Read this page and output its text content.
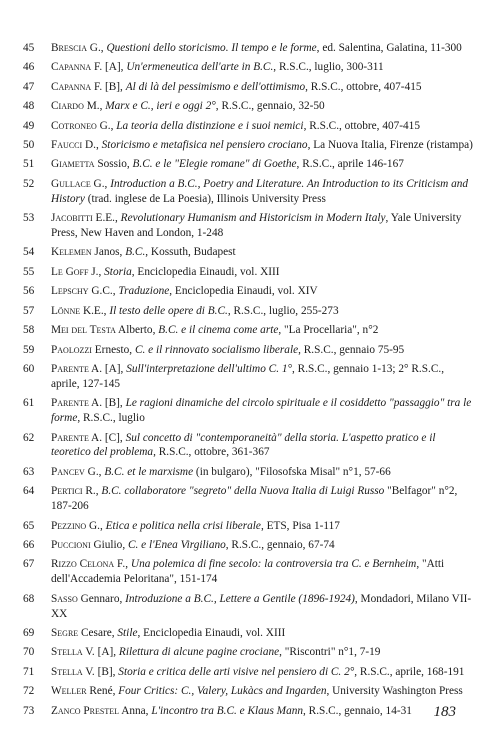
45	Brescia G., Questioni dello storicismo. Il tempo e le forme, ed. Salentina, Galatina, 11-300
46	Capanna F. [A], Un'ermeneutica dell'arte in B.C., R.S.C., luglio, 300-311
47	Capanna F. [B], Al di là del pessimismo e dell'ottimismo, R.S.C., ottobre, 407-415
48	Ciardo M., Marx e C., ieri e oggi 2°, R.S.C., gennaio, 32-50
49	Cotroneo G., La teoria della distinzione e i suoi nemici, R.S.C., ottobre, 407-415
50	Faucci D., Storicismo e metafisica nel pensiero crociano, La Nuova Italia, Firenze (ristampa)
51	Giametta Sossio, B.C. e le "Elegie romane" di Goethe, R.S.C., aprile 146-167
52	Gullace G., Introduction a B.C., Poetry and Literature. An Introduction to its Criticism and History (trad. inglese de La Poesia), Illinois University Press
53	Jacobitti E.E., Revolutionary Humanism and Historicism in Modern Italy, Yale University Press, New Haven and London, 1-248
54	Kelemen Janos, B.C., Kossuth, Budapest
55	Le Goff J., Storia, Enciclopedia Einaudi, vol. XIII
56	Lepschy G.C., Traduzione, Enciclopedia Einaudi, vol. XIV
57	Lönne K.E., Il testo delle opere di B.C., R.S.C., luglio, 255-273
58	Mei del Testa Alberto, B.C. e il cinema come arte, "La Procellaria", n°2
59	Paolozzi Ernesto, C. e il rinnovato socialismo liberale, R.S.C., gennaio 75-95
60	Parente A. [A], Sull'interpretazione dell'ultimo C. 1°, R.S.C., gennaio 1-13; 2° R.S.C., aprile, 127-145
61	Parente A. [B], Le ragioni dinamiche del circolo spirituale e il cosiddetto "passaggio" tra le forme, R.S.C., luglio
62	Parente A. [C], Sul concetto di "contemporaneità" della storia. L'aspetto pratico e il teoretico del problema, R.S.C., ottobre, 361-367
63	Pancev G., B.C. et le marxisme (in bulgaro), "Filosofska Misal" n°1, 57-66
64	Pertici R., B.C. collaboratore "segreto" della Nuova Italia di Luigi Russo "Belfagor" n°2, 187-206
65	Pezzino G., Etica e politica nella crisi liberale, ETS, Pisa 1-117
66	Puccioni Giulio, C. e l'Enea Virgiliano, R.S.C., gennaio, 67-74
67	Rizzo Celona F., Una polemica di fine secolo: la controversia tra C. e Bernheim, "Atti dell'Accademia Peloritana", 151-174
68	Sasso Gennaro, Introduzione a B.C., Lettere a Gentile (1896-1924), Mondadori, Milano VII-XX
69	Segre Cesare, Stile, Enciclopedia Einaudi, vol. XIII
70	Stella V. [A], Rilettura di alcune pagine crociane, "Riscontri" n°1, 7-19
71	Stella V. [B], Storia e critica delle arti visive nel pensiero di C. 2°, R.S.C., aprile, 168-191
72	Weller René, Four Critics: C., Valery, Lukàcs and Ingarden, University Washington Press
73	Zanco Prestel Anna, L'incontro tra B.C. e Klaus Mann, R.S.C., gennaio, 14-31	183
